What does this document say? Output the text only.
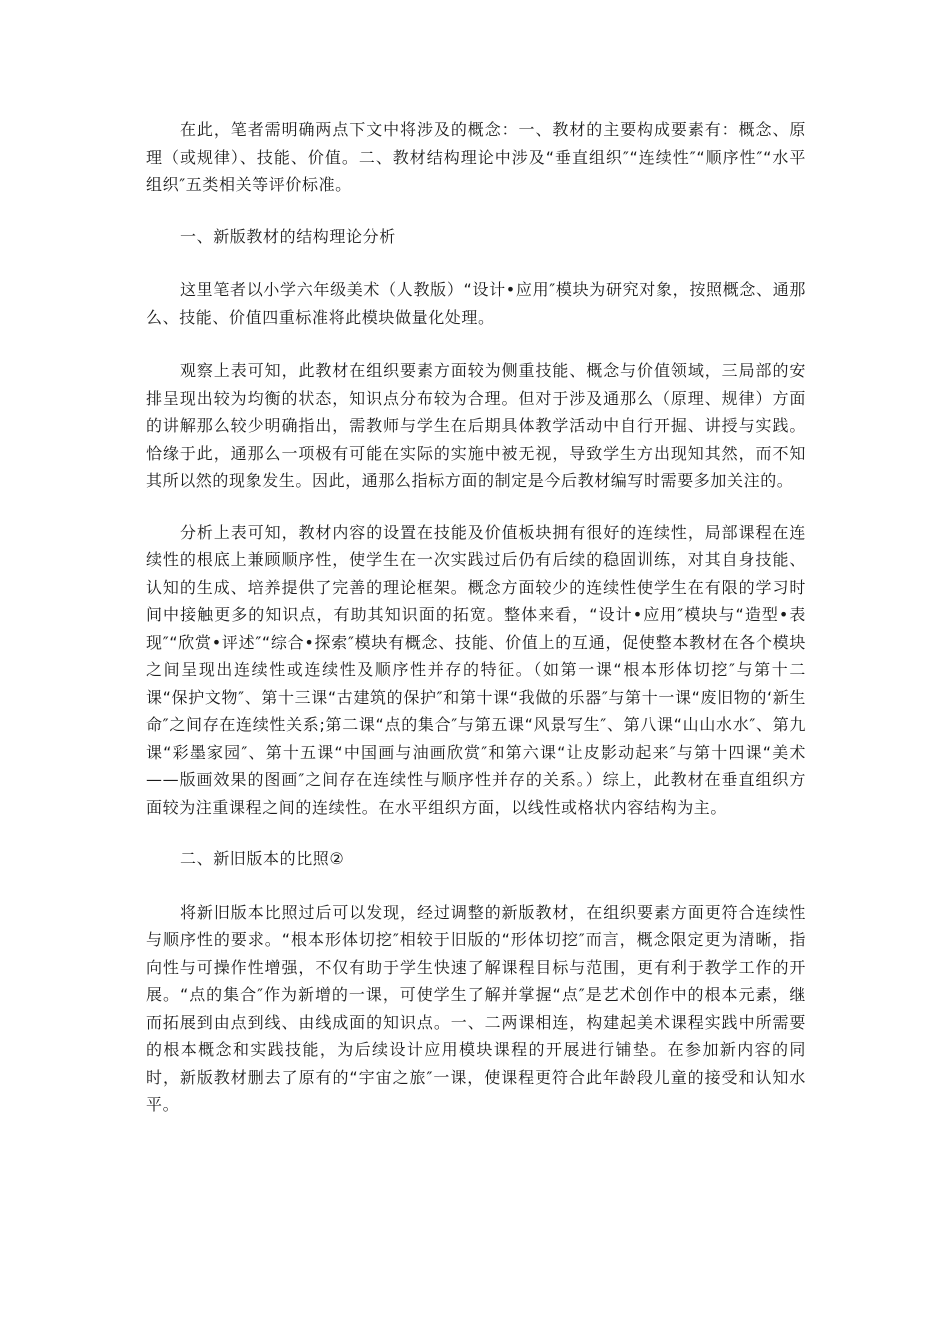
在此，笔者需明确两点下文中将涉及的概念：一、教材的主要构成要素有：概念、原理（或规律）、技能、价值。二、教材结构理论中涉及“垂直组织″“连续性″“顺序性″“水平组织″五类相关等评价标准。

一、新版教材的结构理论分析

这里笔者以小学六年级美术（人教版）“设计•应用″模块为研究对象，按照概念、通那么、技能、价值四重标准将此模块做量化处理。

观察上表可知，此教材在组织要素方面较为侧重技能、概念与价值领域，三局部的安排呈现出较为均衡的状态，知识点分布较为合理。但对于涉及通那么（原理、规律）方面的讲解那么较少明确指出，需教师与学生在后期具体教学活动中自行开掘、讲授与实践。恰缘于此，通那么一项极有可能在实际的实施中被无视，导致学生方出现知其然，而不知其所以然的现象发生。因此，通那么指标方面的制定是今后教材编写时需要多加关注的。

分析上表可知，教材内容的设置在技能及价值板块拥有很好的连续性，局部课程在连续性的根底上兼顾顺序性，使学生在一次实践过后仍有后续的稳固训练，对其自身技能、认知的生成、培养提供了完善的理论框架。概念方面较少的连续性使学生在有限的学习时间中接触更多的知识点，有助其知识面的拓宽。整体来看，“设计•应用″模块与“造型•表现″“欣赏•评述″“综合•探索″模块有概念、技能、价值上的互通，促使整本教材在各个模块之间呈现出连续性或连续性及顺序性并存的特征。（如第一课“根本形体切挖″与第十二课“保护文物″、第十三课“古建筑的保护″和第十课“我做的乐器″与第十一课“废旧物的‘新生命″之间存在连续性关系;第二课“点的集合″与第五课“风景写生″、第八课“山山水水″、第九课“彩墨家园″、第十五课“中国画与油画欣赏″和第六课“让皮影动起来″与第十四课“美术——版画效果的图画″之间存在连续性与顺序性并存的关系。）综上，此教材在垂直组织方面较为注重课程之间的连续性。在水平组织方面，以线性或格状内容结构为主。

二、新旧版本的比照②

将新旧版本比照过后可以发现，经过调整的新版教材，在组织要素方面更符合连续性与顺序性的要求。“根本形体切挖″相较于旧版的“形体切挖″而言，概念限定更为清晰，指向性与可操作性增强，不仅有助于学生快速了解课程目标与范围，更有利于教学工作的开展。“点的集合″作为新增的一课，可使学生了解并掌握“点″是艺术创作中的根本元素，继而拓展到由点到线、由线成面的知识点。一、二两课相连，构建起美术课程实践中所需要的根本概念和实践技能，为后续设计应用模块课程的开展进行铺垫。在参加新内容的同时，新版教材删去了原有的“宇宙之旅″一课，使课程更符合此年龄段儿童的接受和认知水平。
